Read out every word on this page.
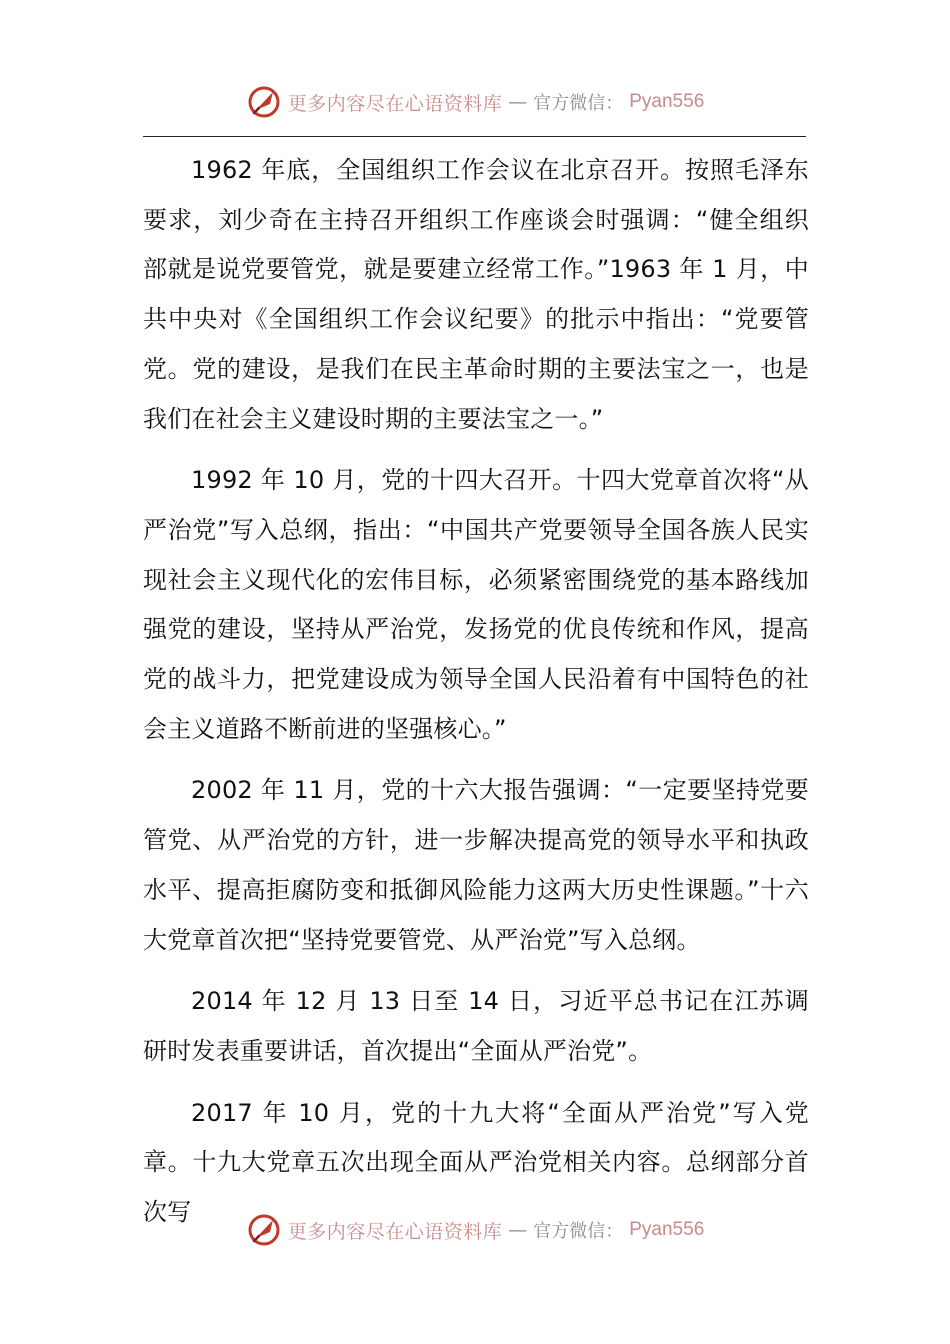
更多内容尽在心语资料库 — 官方微信： Pyan556

1962 年底，全国组织工作会议在北京召开。按照毛泽东要求，刘少奇在主持召开组织工作座谈会时强调：“健全组织部就是说党要管党，就是要建立经常工作。”1963 年 1 月，中共中央对《全国组织工作会议纪要》的批示中指出：“党要管党。党的建设，是我们在民主革命时期的主要法宝之一，也是我们在社会主义建设时期的主要法宝之一。”

1992 年 10 月，党的十四大召开。十四大党章首次将“从严治党”写入总纲，指出：“中国共产党要领导全国各族人民实现社会主义现代化的宏伟目标，必须紧密围绕党的基本路线加强党的建设，坚持从严治党，发扬党的优良传统和作风，提高党的战斗力，把党建设成为领导全国人民沿着有中国特色的社会主义道路不断前进的坚强核心。”

2002 年 11 月，党的十六大报告强调：“一定要坚持党要管党、从严治党的方针，进一步解决提高党的领导水平和执政水平、提高拒腐防变和抵御风险能力这两大历史性课题。”十六大党章首次把“坚持党要管党、从严治党”写入总纲。

2014 年 12 月 13 日至 14 日，习近平总书记在江苏调研时发表重要讲话，首次提出“全面从严治党”。

2017 年 10 月，党的十九大将“全面从严治党”写入党章。十九大党章五次出现全面从严治党相关内容。总纲部分首次写

更多内容尽在心语资料库 — 官方微信： Pyan556
